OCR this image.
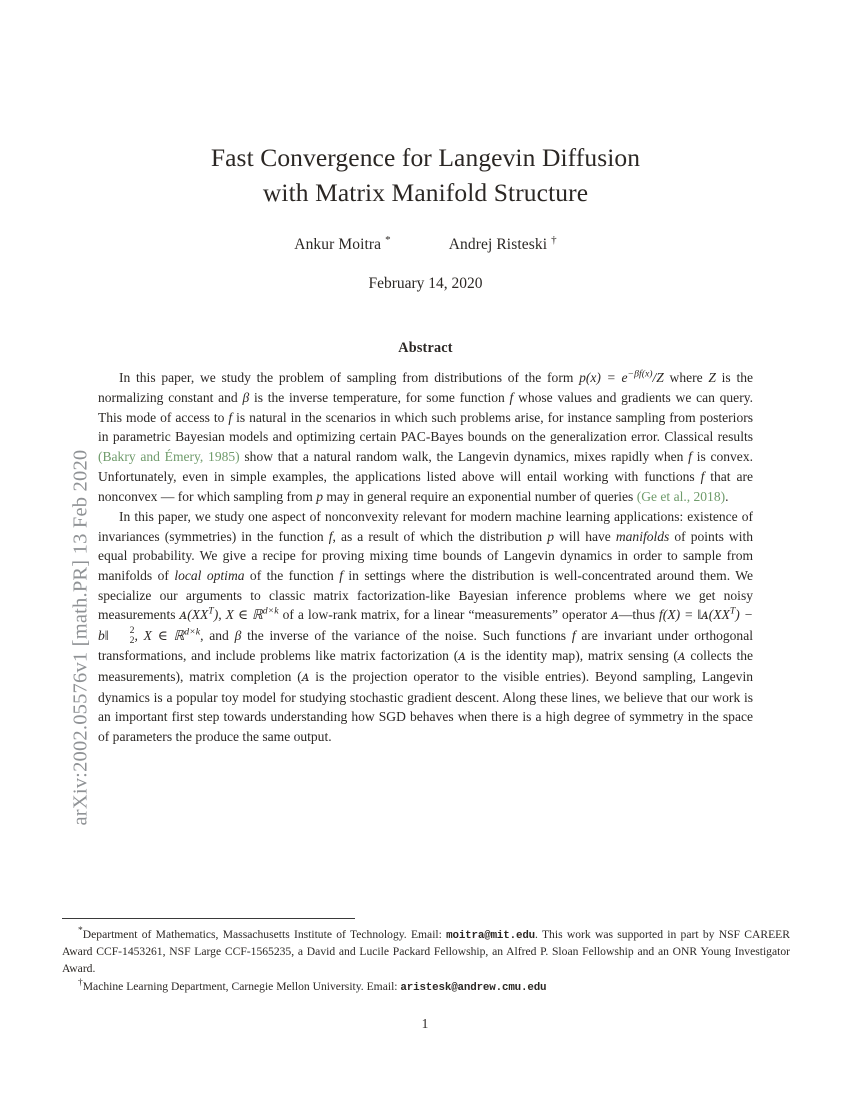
arXiv:2002.05576v1 [math.PR] 13 Feb 2020
Fast Convergence for Langevin Diffusion
with Matrix Manifold Structure
Ankur Moitra *	Andrej Risteski †
February 14, 2020
Abstract

In this paper, we study the problem of sampling from distributions of the form $p(x) = e^{-\beta f(x)}/Z$ where Z is the normalizing constant and β is the inverse temperature, for some function f whose values and gradients we can query. This mode of access to f is natural in the scenarios in which such problems arise, for instance sampling from posteriors in parametric Bayesian models and optimizing certain PAC-Bayes bounds on the generalization error. Classical results (Bakry and Émery, 1985) show that a natural random walk, the Langevin dynamics, mixes rapidly when f is convex. Unfortunately, even in simple examples, the applications listed above will entail working with functions f that are nonconvex — for which sampling from p may in general require an exponential number of queries (Ge et al., 2018).

In this paper, we study one aspect of nonconvexity relevant for modern machine learning applications: existence of invariances (symmetries) in the function f, as a result of which the distribution p will have manifolds of points with equal probability. We give a recipe for proving mixing time bounds of Langevin dynamics in order to sample from manifolds of local optima of the function f in settings where the distribution is well-concentrated around them. We specialize our arguments to classic matrix factorization-like Bayesian inference problems where we get noisy measurements $ᴀ(XX^T)$, X ∈ ℝ$^{d\times k}$ of a low-rank matrix, for a linear “measurements” operator ᴀ—thus $f(X) = ‖ᴀ(XX^T)$ − b‖	2
2 , X ∈ ℝ$^{d\times k}$, and β the inverse of the variance of the noise. Such functions f are invariant under orthogonal transformations, and include problems like matrix factorization (ᴀ is the identity map), matrix sensing (ᴀ collects the measurements), matrix completion (ᴀ is the projection operator to the visible entries). Beyond sampling, Langevin dynamics is a popular toy model for studying stochastic gradient descent. Along these lines, we believe that our work is an important first step towards understanding how SGD behaves when there is a high degree of symmetry in the space of parameters the produce the same output.

*Department of Mathematics, Massachusetts Institute of Technology. Email: moitra@mit.edu. This work was supported in part by NSF CAREER Award CCF-1453261, NSF Large CCF-1565235, a David and Lucile Packard Fellowship, an Alfred P. Sloan Fellowship and an ONR Young Investigator Award.
†Machine Learning Department, Carnegie Mellon University. Email: aristesk@andrew.cmu.edu
1
